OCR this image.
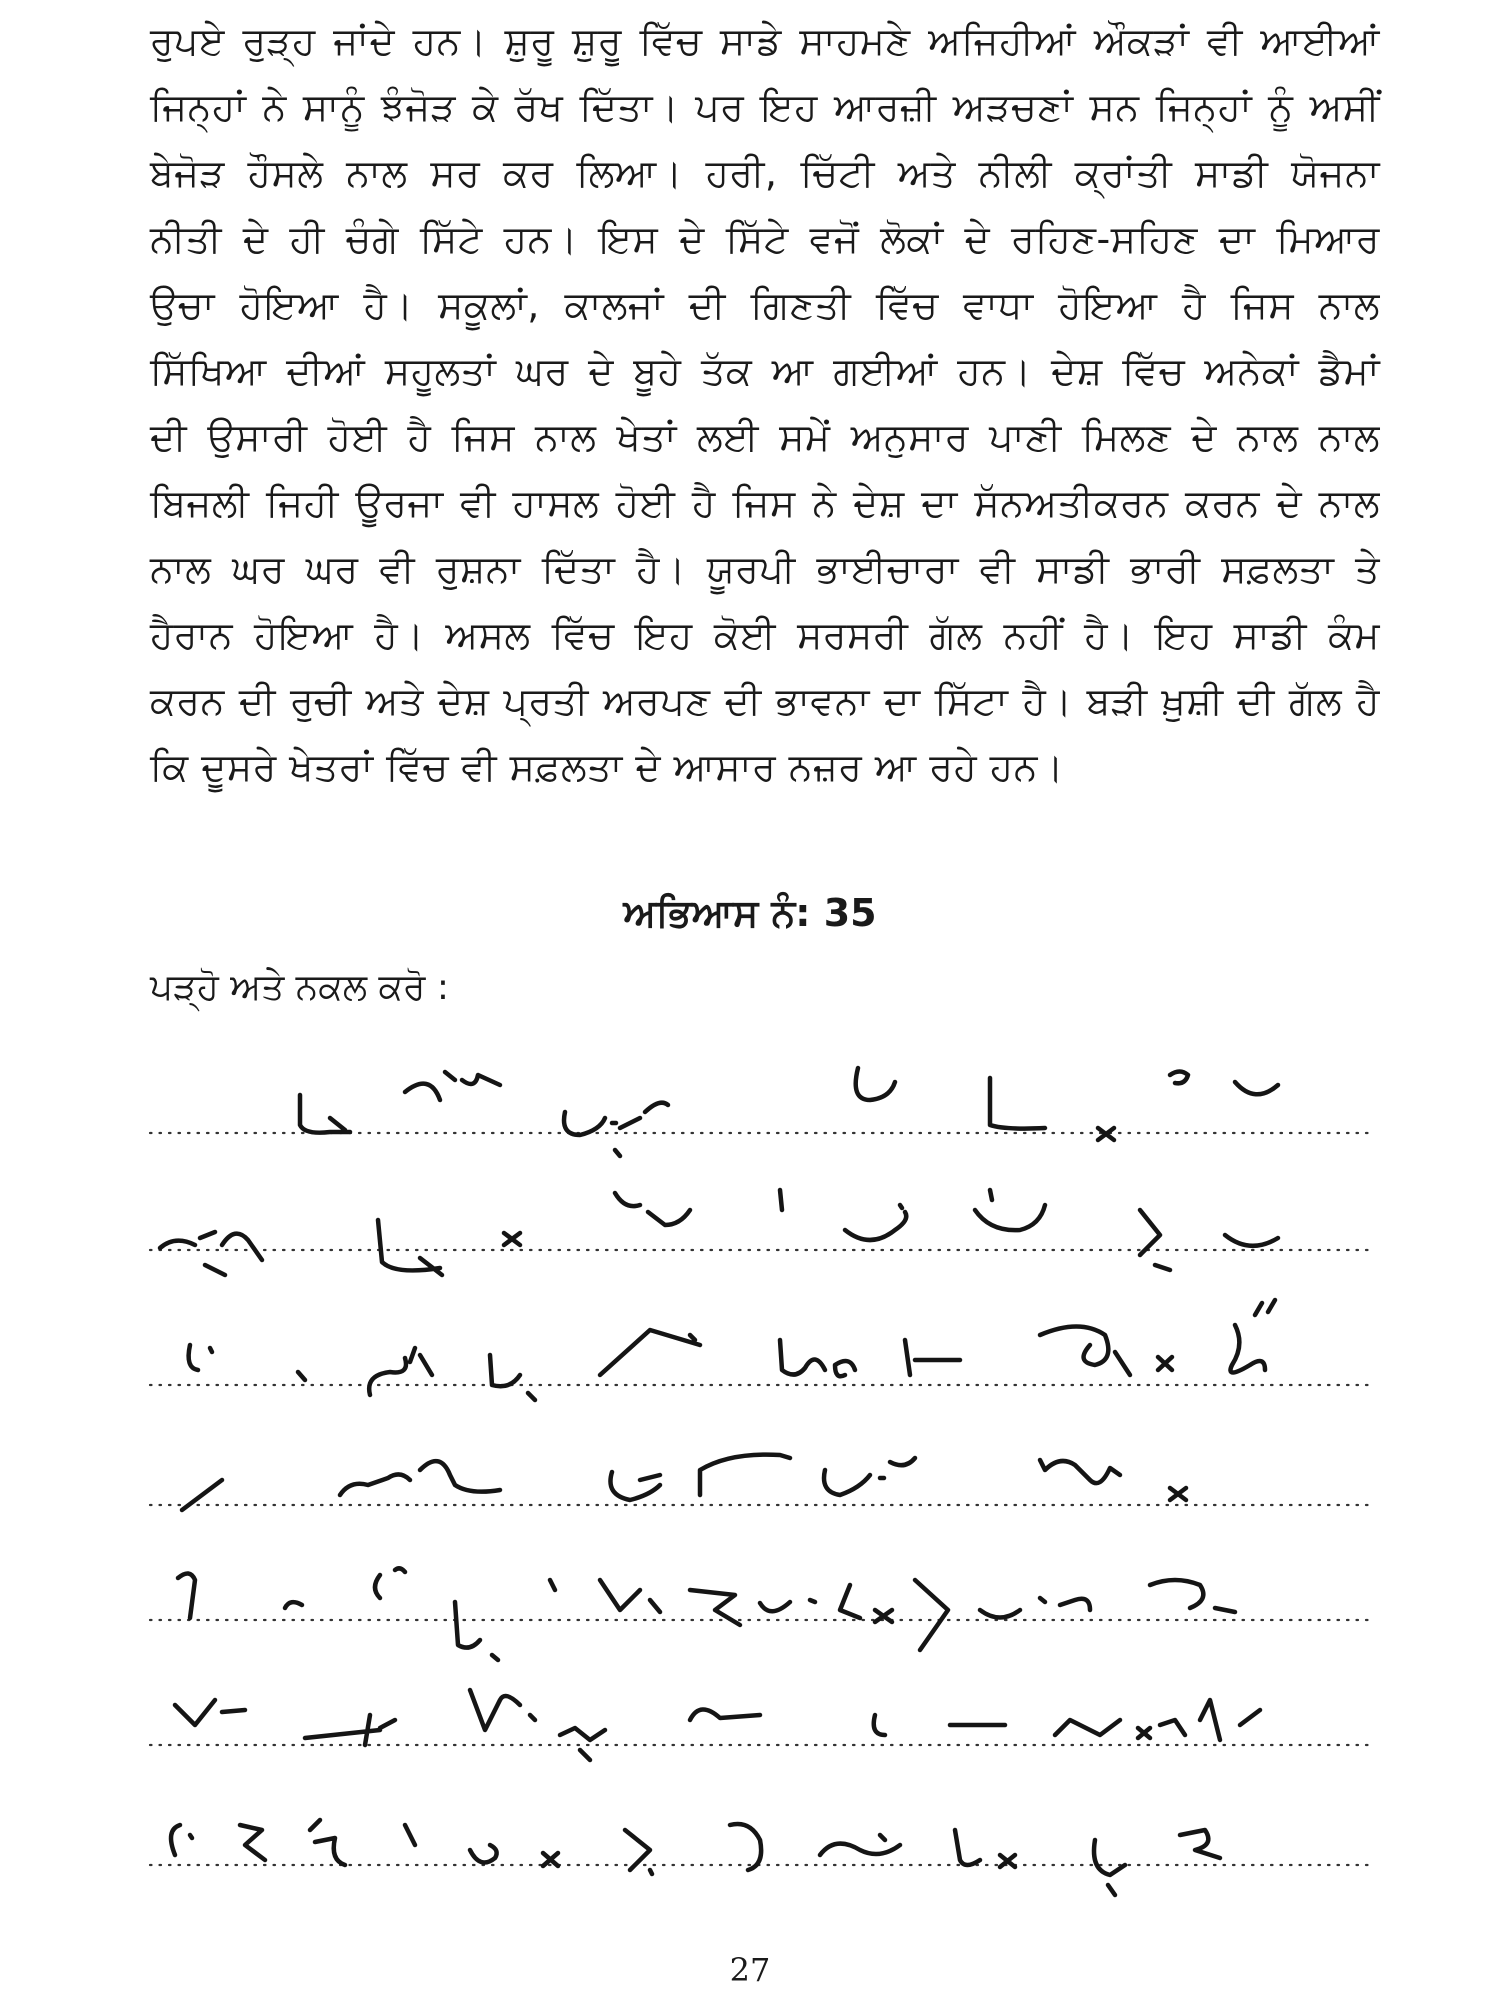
ਰੁਪਏ ਰੁੜ੍ਹ ਜਾਂਦੇ ਹਨ। ਸ਼ੁਰੂ ਸ਼ੁਰੂ ਵਿੱਚ ਸਾਡੇ ਸਾਹਮਣੇ ਅਜਿਹੀਆਂ ਔਕੜਾਂ ਵੀ ਆਈਆਂ
ਜਿਨ੍ਹਾਂ ਨੇ ਸਾਨੂੰ ਝੰਜੋੜ ਕੇ ਰੱਖ ਦਿੱਤਾ। ਪਰ ਇਹ ਆਰਜ਼ੀ ਅੜਚਣਾਂ ਸਨ ਜਿਨ੍ਹਾਂ ਨੂੰ ਅਸੀਂ
ਬੇਜੋੜ ਹੌਸਲੇ ਨਾਲ ਸਰ ਕਰ ਲਿਆ। ਹਰੀ, ਚਿੱਟੀ ਅਤੇ ਨੀਲੀ ਕ੍ਰਾਂਤੀ ਸਾਡੀ ਯੋਜਨਾ
ਨੀਤੀ ਦੇ ਹੀ ਚੰਗੇ ਸਿੱਟੇ ਹਨ। ਇਸ ਦੇ ਸਿੱਟੇ ਵਜੋਂ ਲੋਕਾਂ ਦੇ ਰਹਿਣ-ਸਹਿਣ ਦਾ ਮਿਆਰ
ਉਚਾ ਹੋਇਆ ਹੈ। ਸਕੂਲਾਂ, ਕਾਲਜਾਂ ਦੀ ਗਿਣਤੀ ਵਿੱਚ ਵਾਧਾ ਹੋਇਆ ਹੈ ਜਿਸ ਨਾਲ
ਸਿੱਖਿਆ ਦੀਆਂ ਸਹੂਲਤਾਂ ਘਰ ਦੇ ਬੂਹੇ ਤੱਕ ਆ ਗਈਆਂ ਹਨ। ਦੇਸ਼ ਵਿੱਚ ਅਨੇਕਾਂ ਡੈਮਾਂ
ਦੀ ਉਸਾਰੀ ਹੋਈ ਹੈ ਜਿਸ ਨਾਲ ਖੇਤਾਂ ਲਈ ਸਮੇਂ ਅਨੁਸਾਰ ਪਾਣੀ ਮਿਲਣ ਦੇ ਨਾਲ ਨਾਲ
ਬਿਜਲੀ ਜਿਹੀ ਊਰਜਾ ਵੀ ਹਾਸਲ ਹੋਈ ਹੈ ਜਿਸ ਨੇ ਦੇਸ਼ ਦਾ ਸੱਨਅਤੀਕਰਨ ਕਰਨ ਦੇ ਨਾਲ
ਨਾਲ ਘਰ ਘਰ ਵੀ ਰੁਸ਼ਨਾ ਦਿੱਤਾ ਹੈ। ਯੂਰਪੀ ਭਾਈਚਾਰਾ ਵੀ ਸਾਡੀ ਭਾਰੀ ਸਫ਼ਲਤਾ ਤੇ
ਹੈਰਾਨ ਹੋਇਆ ਹੈ। ਅਸਲ ਵਿੱਚ ਇਹ ਕੋਈ ਸਰਸਰੀ ਗੱਲ ਨਹੀਂ ਹੈ। ਇਹ ਸਾਡੀ ਕੰਮ
ਕਰਨ ਦੀ ਰੁਚੀ ਅਤੇ ਦੇਸ਼ ਪ੍ਰਤੀ ਅਰਪਣ ਦੀ ਭਾਵਨਾ ਦਾ ਸਿੱਟਾ ਹੈ। ਬੜੀ ਖ਼ੁਸ਼ੀ ਦੀ ਗੱਲ ਹੈ
ਕਿ ਦੂਸਰੇ ਖੇਤਰਾਂ ਵਿੱਚ ਵੀ ਸਫ਼ਲਤਾ ਦੇ ਆਸਾਰ ਨਜ਼ਰ ਆ ਰਹੇ ਹਨ।
ਅਭਿਆਸ ਨੰ: 35
ਪੜ੍ਹੋ ਅਤੇ ਨਕਲ ਕਰੋ :
27
